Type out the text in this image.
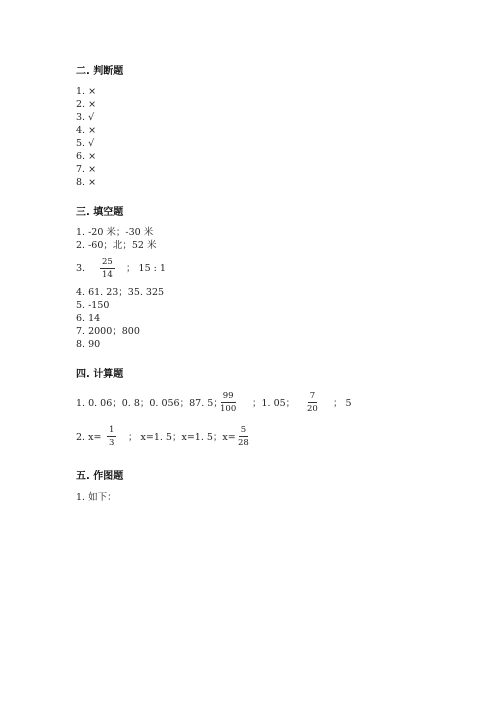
二. 判断题
1. ×
2. ×
3. √
4. ×
5. √
6. ×
7. ×
8. ×
三. 填空题
1. -20 米；-30 米
2. -60；北；52 米
3. $\frac{25}{14}$ ； 15 : 1
4. 61. 23；35. 325
5. -150
6. 14
7. 2000；800
8. 90
四. 计算题
1. 0. 06；0. 8；0. 056；87. 5；
$\frac{99}{100}$ ；1. 05； $\frac{7}{20}$ ； 5
2. $x= \frac{1}{3}$ ； x=1. 5；x=1. 5；$x= \frac{5}{28}$
五. 作图题
1. 如下：
